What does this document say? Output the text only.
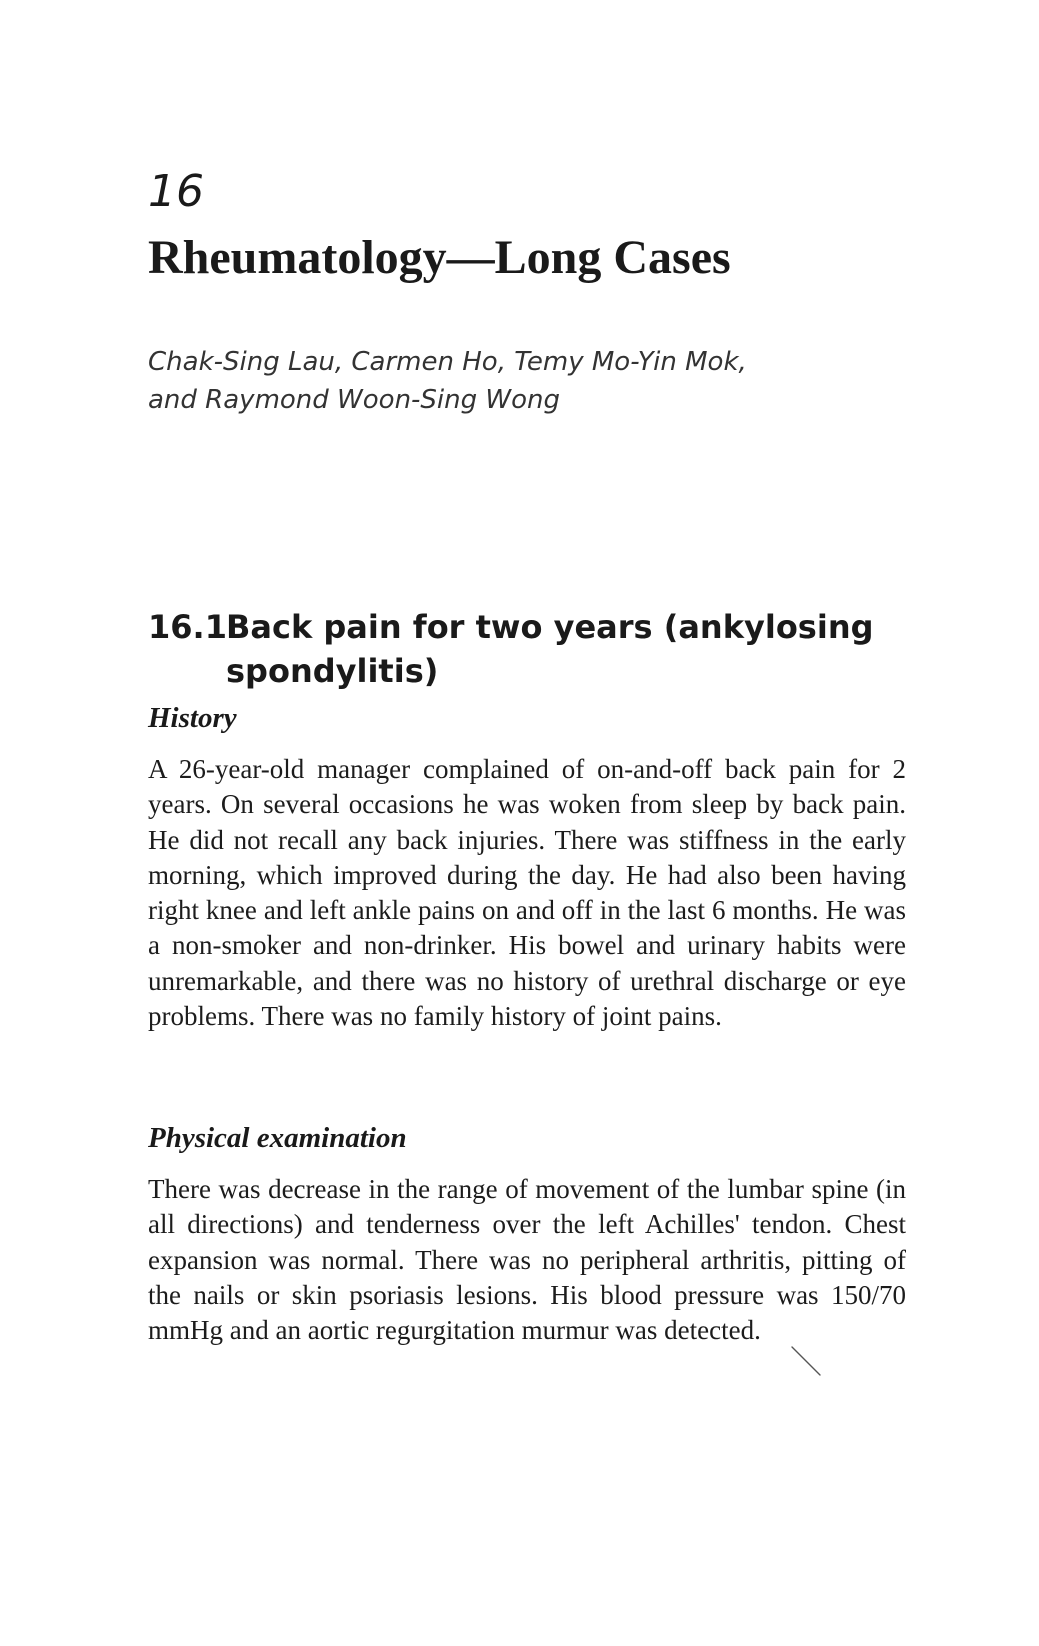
16
Rheumatology—Long Cases
Chak-Sing Lau, Carmen Ho, Temy Mo-Yin Mok,
and Raymond Woon-Sing Wong
16.1 Back pain for two years (ankylosing spondylitis)
History

A 26-year-old manager complained of on-and-off back pain for 2 years. On several occasions he was woken from sleep by back pain. He did not recall any back injuries. There was stiffness in the early morning, which improved during the day. He had also been having right knee and left ankle pains on and off in the last 6 months. He was a non-smoker and non-drinker. His bowel and urinary habits were unremarkable, and there was no history of urethral discharge or eye problems. There was no family history of joint pains.

Physical examination

There was decrease in the range of movement of the lumbar spine (in all directions) and tenderness over the left Achilles' tendon. Chest expansion was normal. There was no peripheral arthritis, pitting of the nails or skin psoriasis lesions. His blood pressure was 150/70 mmHg and an aortic regurgitation murmur was detected.
